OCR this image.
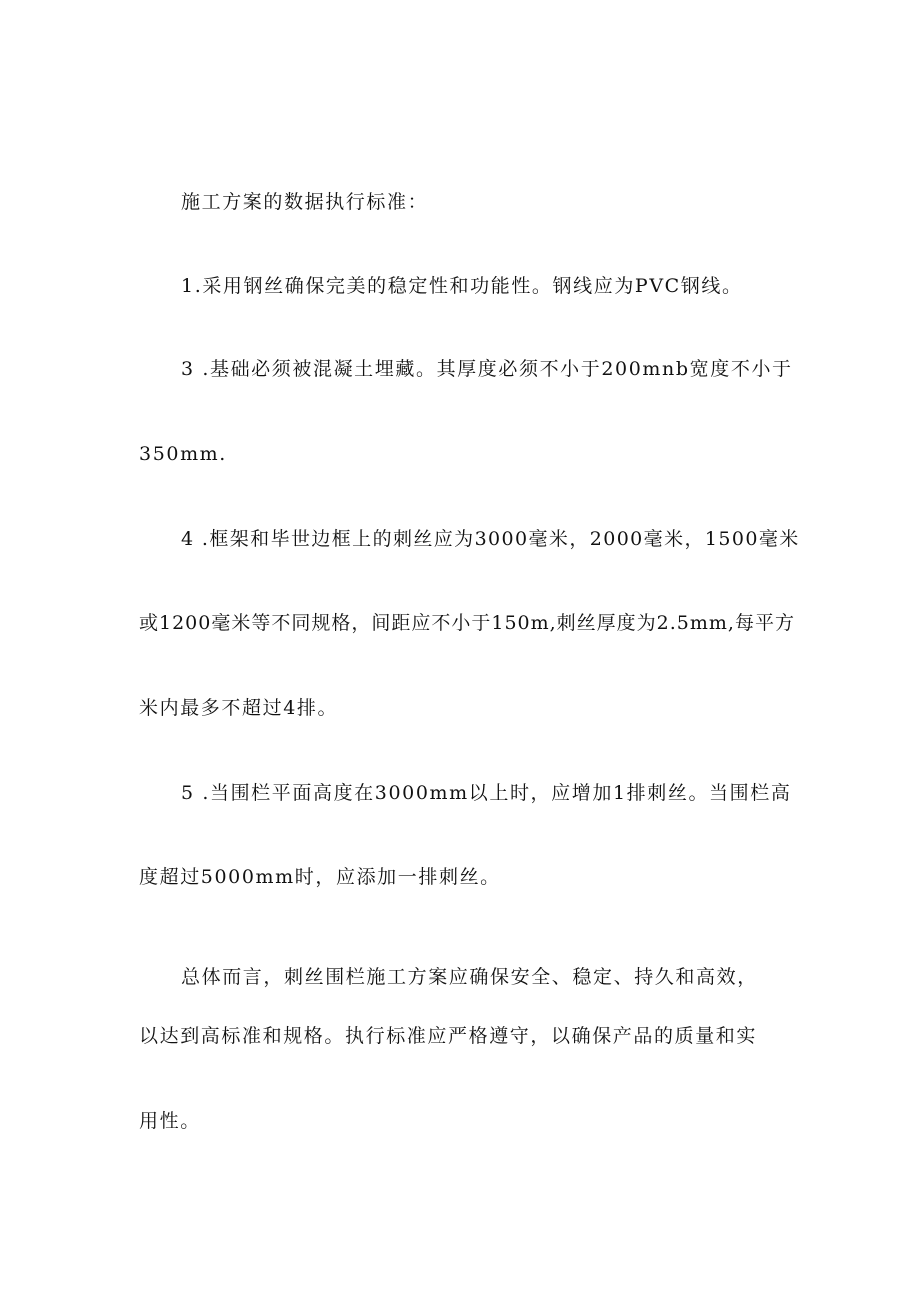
施工方案的数据执行标准：

1.采用钢丝确保完美的稳定性和功能性。钢线应为PVC钢线。

3 .基础必须被混凝土埋藏。其厚度必须不小于200mnb宽度不小于

350mm.

4 .框架和毕世边框上的刺丝应为3000毫米，2000毫米，1500毫米

或1200毫米等不同规格，间距应不小于150m,刺丝厚度为2.5mm,每平方

米内最多不超过4排。

5 .当围栏平面高度在3000mm以上时，应增加1排刺丝。当围栏高

度超过5000mm时，应添加一排刺丝。

总体而言，刺丝围栏施工方案应确保安全、稳定、持久和高效，

以达到高标准和规格。执行标准应严格遵守，以确保产品的质量和实

用性。
